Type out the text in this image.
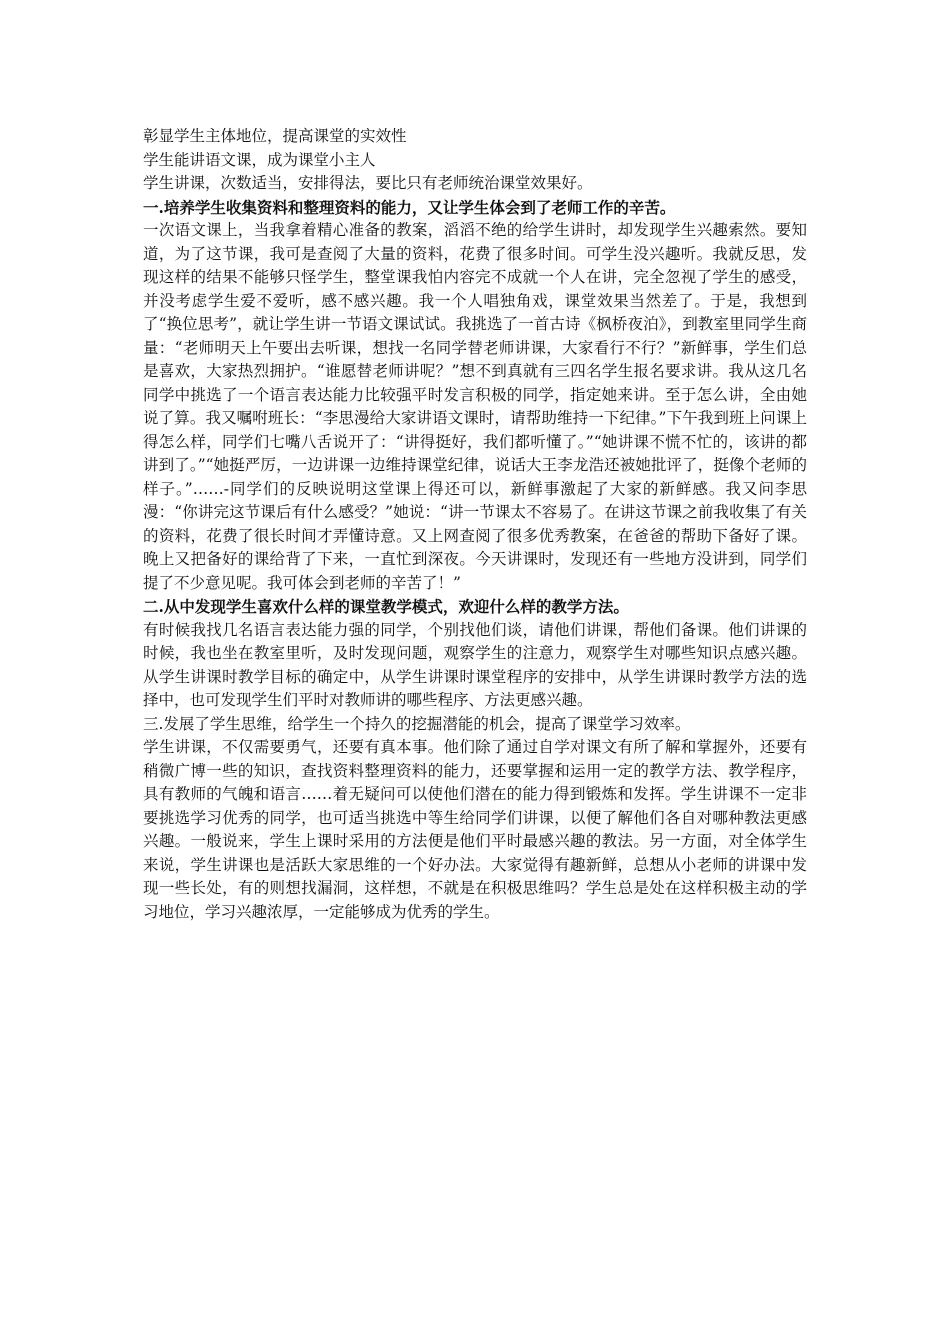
彰显学生主体地位，提高课堂的实效性

学生能讲语文课，成为课堂小主人

学生讲课，次数适当，安排得法，要比只有老师统治课堂效果好。

一.培养学生收集资料和整理资料的能力，又让学生体会到了老师工作的辛苦。

一次语文课上，当我拿着精心准备的教案，滔滔不绝的给学生讲时，却发现学生兴趣索然。要知道，为了这节课，我可是查阅了大量的资料，花费了很多时间。可学生没兴趣听。我就反思，发现这样的结果不能够只怪学生，整堂课我怕内容完不成就一个人在讲，完全忽视了学生的感受，并没考虑学生爱不爱听，感不感兴趣。我一个人唱独角戏，课堂效果当然差了。于是，我想到了“换位思考”，就让学生讲一节语文课试试。我挑选了一首古诗《枫桥夜泊》，到教室里同学生商量：“老师明天上午要出去听课，想找一名同学替老师讲课，大家看行不行？”新鲜事，学生们总是喜欢，大家热烈拥护。“谁愿替老师讲呢？”想不到真就有三四名学生报名要求讲。我从这几名同学中挑选了一个语言表达能力比较强平时发言积极的同学，指定她来讲。至于怎么讲，全由她说了算。我又嘱咐班长：“李思漫给大家讲语文课时，请帮助维持一下纪律。”下午我到班上问课上得怎么样，同学们七嘴八舌说开了：“讲得挺好，我们都听懂了。”“她讲课不慌不忙的，该讲的都讲到了。”“她挺严厉，一边讲课一边维持课堂纪律，说话大王李龙浩还被她批评了，挺像个老师的样子。”……-同学们的反映说明这堂课上得还可以，新鲜事激起了大家的新鲜感。我又问李思漫：“你讲完这节课后有什么感受？”她说：“讲一节课太不容易了。在讲这节课之前我收集了有关的资料，花费了很长时间才弄懂诗意。又上网查阅了很多优秀教案，在爸爸的帮助下备好了课。晚上又把备好的课给背了下来，一直忙到深夜。今天讲课时，发现还有一些地方没讲到，同学们提了不少意见呢。我可体会到老师的辛苦了！”

二.从中发现学生喜欢什么样的课堂教学模式，欢迎什么样的教学方法。

有时候我找几名语言表达能力强的同学，个别找他们谈，请他们讲课，帮他们备课。他们讲课的时候，我也坐在教室里听，及时发现问题，观察学生的注意力，观察学生对哪些知识点感兴趣。从学生讲课时教学目标的确定中，从学生讲课时课堂程序的安排中，从学生讲课时教学方法的选择中，也可发现学生们平时对教师讲的哪些程序、方法更感兴趣。

三.发展了学生思维，给学生一个持久的挖掘潜能的机会，提高了课堂学习效率。

学生讲课，不仅需要勇气，还要有真本事。他们除了通过自学对课文有所了解和掌握外，还要有稍微广博一些的知识，查找资料整理资料的能力，还要掌握和运用一定的教学方法、教学程序，具有教师的气魄和语言……着无疑问可以使他们潜在的能力得到锻炼和发挥。学生讲课不一定非要挑选学习优秀的同学，也可适当挑选中等生给同学们讲课，以便了解他们各自对哪种教法更感兴趣。一般说来，学生上课时采用的方法便是他们平时最感兴趣的教法。另一方面，对全体学生来说，学生讲课也是活跃大家思维的一个好办法。大家觉得有趣新鲜，总想从小老师的讲课中发现一些长处，有的则想找漏洞，这样想，不就是在积极思维吗？学生总是处在这样积极主动的学习地位，学习兴趣浓厚，一定能够成为优秀的学生。
